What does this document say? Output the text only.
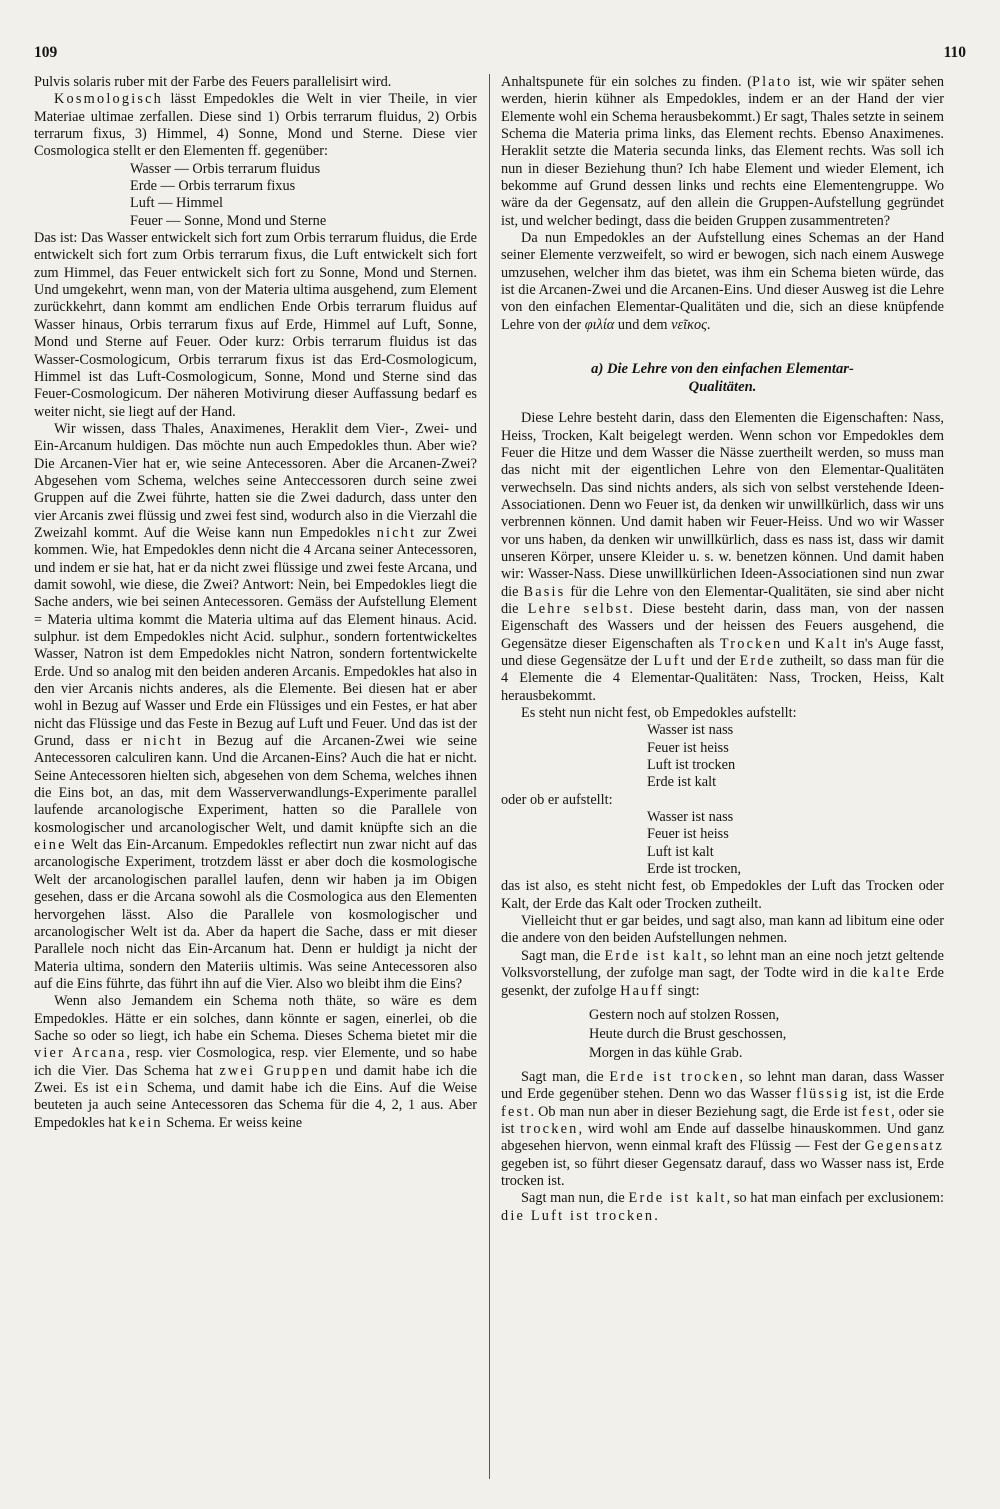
109	110

Pulvis solaris ruber mit der Farbe des Feuers parallelisirt wird.

Kosmologisch lässt Empedokles die Welt in vier Theile, in vier Materiae ultimae zerfallen. Diese sind 1) Orbis terrarum fluidus, 2) Orbis terrarum fixus, 3) Himmel, 4) Sonne, Mond und Sterne. Diese vier Cosmologica stellt er den Elementen ff. gegenüber:

Wasser — Orbis terrarum fluidus
Erde — Orbis terrarum fixus
Luft — Himmel
Feuer — Sonne, Mond und Sterne

Das ist: Das Wasser entwickelt sich fort zum Orbis terrarum fluidus, die Erde entwickelt sich fort zum Orbis terrarum fixus, die Luft entwickelt sich fort zum Himmel, das Feuer entwickelt sich fort zu Sonne, Mond und Sternen. Und umgekehrt, wenn man, von der Materia ultima ausgehend, zum Element zurückkehrt, dann kommt am endlichen Ende Orbis terrarum fluidus auf Wasser hinaus, Orbis terrarum fixus auf Erde, Himmel auf Luft, Sonne, Mond und Sterne auf Feuer. Oder kurz: Orbis terrarum fluidus ist das Wasser-Cosmologicum, Orbis terrarum fixus ist das Erd-Cosmologicum, Himmel ist das Luft-Cosmologicum, Sonne, Mond und Sterne sind das Feuer-Cosmologicum. Der näheren Motivirung dieser Auffassung bedarf es weiter nicht, sie liegt auf der Hand.

Wir wissen, dass Thales, Anaximenes, Heraklit dem Vier-, Zwei- und Ein-Arcanum huldigen. Das möchte nun auch Empedokles thun. Aber wie? Die Arcanen-Vier hat er, wie seine Antecessoren. Aber die Arcanen-Zwei? Abgesehen vom Schema, welches seine Anteccessoren durch seine zwei Gruppen auf die Zwei führte, hatten sie die Zwei dadurch, dass unter den vier Arcanis zwei flüssig und zwei fest sind, wodurch also in die Vierzahl die Zweizahl kommt. Auf die Weise kann nun Empedokles nicht zur Zwei kommen. Wie, hat Empedokles denn nicht die 4 Arcana seiner Antecessoren, und indem er sie hat, hat er da nicht zwei flüssige und zwei feste Arcana, und damit sowohl, wie diese, die Zwei? Antwort: Nein, bei Empedokles liegt die Sache anders, wie bei seinen Antecessoren. Gemäss der Aufstellung Element = Materia ultima kommt die Materia ultima auf das Element hinaus. Acid. sulphur. ist dem Empedokles nicht Acid. sulphur., sondern fortentwickeltes Wasser, Natron ist dem Empedokles nicht Natron, sondern fortentwickelte Erde. Und so analog mit den beiden anderen Arcanis. Empedokles hat also in den vier Arcanis nichts anderes, als die Elemente. Bei diesen hat er aber wohl in Bezug auf Wasser und Erde ein Flüssiges und ein Festes, er hat aber nicht das Flüssige und das Feste in Bezug auf Luft und Feuer. Und das ist der Grund, dass er nicht in Bezug auf die Arcanen-Zwei wie seine Antecessoren calculiren kann. Und die Arcanen-Eins? Auch die hat er nicht. Seine Antecessoren hielten sich, abgesehen von dem Schema, welches ihnen die Eins bot, an das, mit dem Wasserverwandlungs-Experimente parallel laufende arcanologische Experiment, hatten so die Parallele von kosmologischer und arcanologischer Welt, und damit knüpfte sich an die eine Welt das Ein-Arcanum. Empedokles reflectirt nun zwar nicht auf das arcanologische Experiment, trotzdem lässt er aber doch die kosmologische Welt der arcanologischen parallel laufen, denn wir haben ja im Obigen gesehen, dass er die Arcana sowohl als die Cosmologica aus den Elementen hervorgehen lässt. Also die Parallele von kosmologischer und arcanologischer Welt ist da. Aber da hapert die Sache, dass er mit dieser Parallele noch nicht das Ein-Arcanum hat. Denn er huldigt ja nicht der Materia ultima, sondern den Materiis ultimis. Was seine Antecessoren also auf die Eins führte, das führt ihn auf die Vier. Also wo bleibt ihm die Eins?

Wenn also Jemandem ein Schema noth thäte, so wäre es dem Empedokles. Hätte er ein solches, dann könnte er sagen, einerlei, ob die Sache so oder so liegt, ich habe ein Schema. Dieses Schema bietet mir die vier Arcana, resp. vier Cosmologica, resp. vier Elemente, und so habe ich die Vier. Das Schema hat zwei Gruppen und damit habe ich die Zwei. Es ist ein Schema, und damit habe ich die Eins. Auf die Weise beuteten ja auch seine Antecessoren das Schema für die 4, 2, 1 aus. Aber Empedokles hat kein Schema. Er weiss keine

Anhaltspunete für ein solches zu finden. (Plato ist, wie wir später sehen werden, hierin kühner als Empedokles, indem er an der Hand der vier Elemente wohl ein Schema herausbekommt.) Er sagt, Thales setzte in seinem Schema die Materia prima links, das Element rechts. Ebenso Anaximenes. Heraklit setzte die Materia secunda links, das Element rechts. Was soll ich nun in dieser Beziehung thun? Ich habe Element und wieder Element, ich bekomme auf Grund dessen links und rechts eine Elementengruppe. Wo wäre da der Gegensatz, auf den allein die Gruppen-Aufstellung gegründet ist, und welcher bedingt, dass die beiden Gruppen zusammentreten?

Da nun Empedokles an der Aufstellung eines Schemas an der Hand seiner Elemente verzweifelt, so wird er bewogen, sich nach einem Auswege umzusehen, welcher ihm das bietet, was ihm ein Schema bieten würde, das ist die Arcanen-Zwei und die Arcanen-Eins. Und dieser Ausweg ist die Lehre von den einfachen Elementar-Qualitäten und die, sich an diese knüpfende Lehre von der φιλία und dem νεῖκος.

a) Die Lehre von den einfachen Elementar-
Qualitäten.

Diese Lehre besteht darin, dass den Elementen die Eigenschaften: Nass, Heiss, Trocken, Kalt beigelegt werden. Wenn schon vor Empedokles dem Feuer die Hitze und dem Wasser die Nässe zuertheilt werden, so muss man das nicht mit der eigentlichen Lehre von den Elementar-Qualitäten verwechseln. Das sind nichts anders, als sich von selbst verstehende Ideen-Associationen. Denn wo Feuer ist, da denken wir unwillkürlich, dass wir uns verbrennen können. Und damit haben wir Feuer-Heiss. Und wo wir Wasser vor uns haben, da denken wir unwillkürlich, dass es nass ist, dass wir damit unseren Körper, unsere Kleider u. s. w. benetzen können. Und damit haben wir: Wasser-Nass. Diese unwillkürlichen Ideen-Associationen sind nun zwar die Basis für die Lehre von den Elementar-Qualitäten, sie sind aber nicht die Lehre selbst. Diese besteht darin, dass man, von der nassen Eigenschaft des Wassers und der heissen des Feuers ausgehend, die Gegensätze dieser Eigenschaften als Trocken und Kalt in's Auge fasst, und diese Gegensätze der Luft und der Erde zutheilt, so dass man für die 4 Elemente die 4 Elementar-Qualitäten: Nass, Trocken, Heiss, Kalt herausbekommt.

Es steht nun nicht fest, ob Empedokles aufstellt:

Wasser ist nass
Feuer ist heiss
Luft ist trocken
Erde ist kalt

oder ob er aufstellt:

Wasser ist nass
Feuer ist heiss
Luft ist kalt
Erde ist trocken,

das ist also, es steht nicht fest, ob Empedokles der Luft das Trocken oder Kalt, der Erde das Kalt oder Trocken zutheilt.

Vielleicht thut er gar beides, und sagt also, man kann ad libitum eine oder die andere von den beiden Aufstellungen nehmen.

Sagt man, die Erde ist kalt, so lehnt man an eine noch jetzt geltende Volksvorstellung, der zufolge man sagt, der Todte wird in die kalte Erde gesenkt, der zufolge Hauff singt:

Gestern noch auf stolzen Rossen,
Heute durch die Brust geschossen,
Morgen in das kühle Grab.

Sagt man, die Erde ist trocken, so lehnt man daran, dass Wasser und Erde gegenüber stehen. Denn wo das Wasser flüssig ist, ist die Erde fest. Ob man nun aber in dieser Beziehung sagt, die Erde ist fest, oder sie ist trocken, wird wohl am Ende auf dasselbe hinauskommen. Und ganz abgesehen hiervon, wenn einmal kraft des Flüssig — Fest der Gegensatz gegeben ist, so führt dieser Gegensatz darauf, dass wo Wasser nass ist, Erde trocken ist.

Sagt man nun, die Erde ist kalt, so hat man einfach per exclusionem: die Luft ist trocken.
